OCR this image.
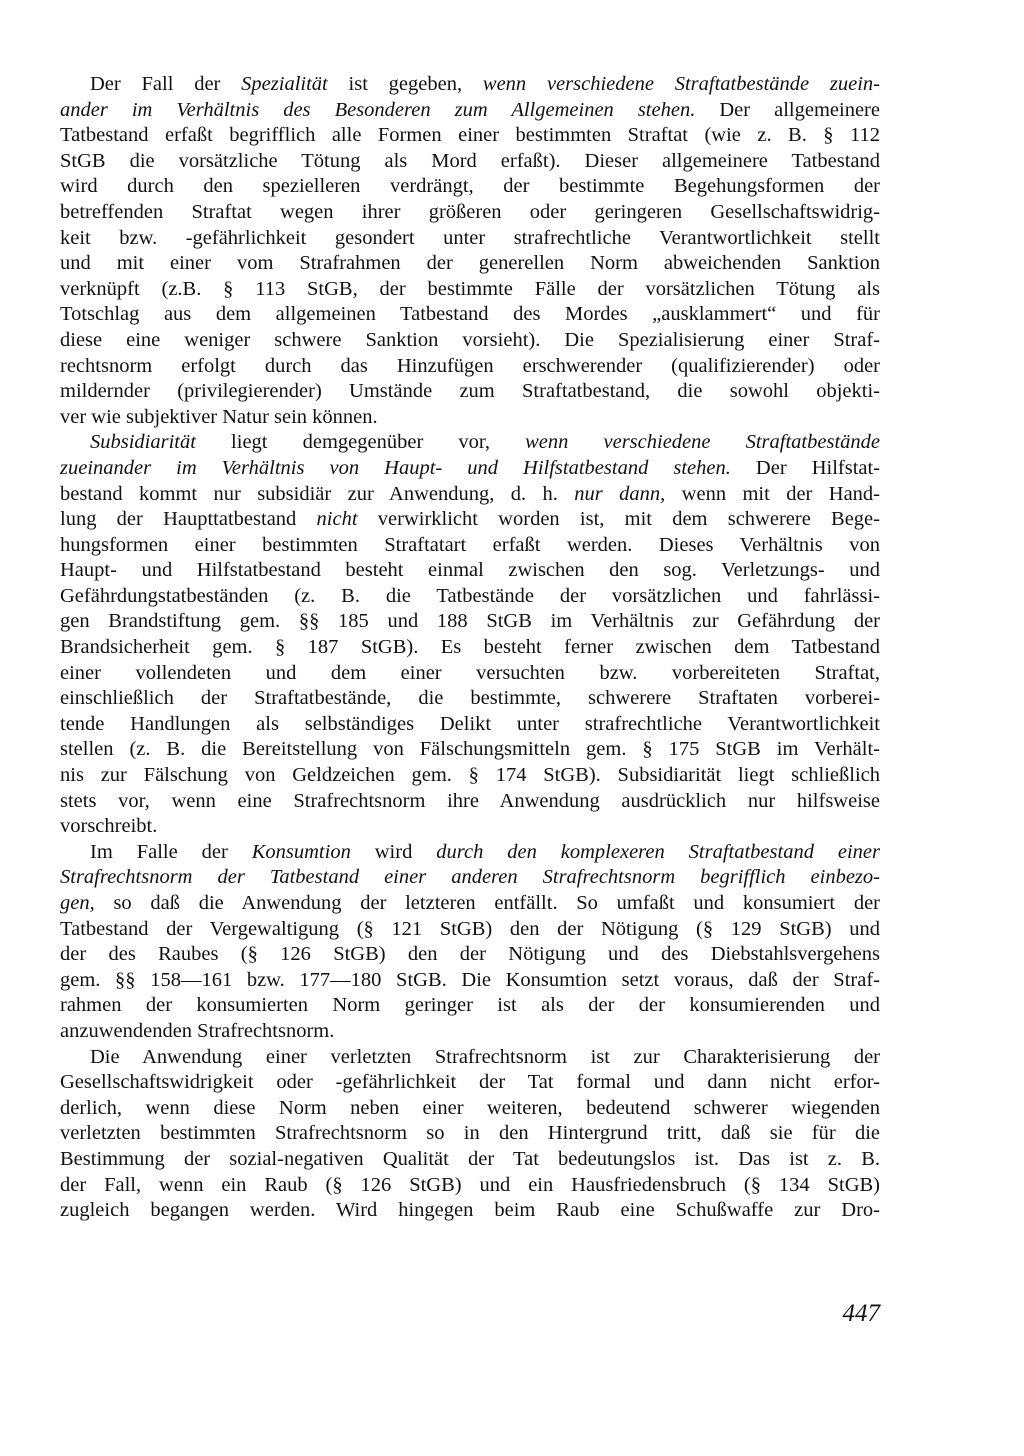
Der Fall der Spezialität ist gegeben, wenn verschiedene Straftatbestände zuein-
ander im Verhältnis des Besonderen zum Allgemeinen stehen. Der allgemeinere
Tatbestand erfaßt begrifflich alle Formen einer bestimmten Straftat (wie z. B. § 112
StGB die vorsätzliche Tötung als Mord erfaßt). Dieser allgemeinere Tatbestand
wird durch den spezielleren verdrängt, der bestimmte Begehungsformen der
betreffenden Straftat wegen ihrer größeren oder geringeren Gesellschaftswidrig-
keit bzw. -gefährlichkeit gesondert unter strafrechtliche Verantwortlichkeit stellt
und mit einer vom Strafrahmen der generellen Norm abweichenden Sanktion
verknüpft (z.B. § 113 StGB, der bestimmte Fälle der vorsätzlichen Tötung als
Totschlag aus dem allgemeinen Tatbestand des Mordes „ausklammert“ und für
diese eine weniger schwere Sanktion vorsieht). Die Spezialisierung einer Straf-
rechtsnorm erfolgt durch das Hinzufügen erschwerender (qualifizierender) oder
mildernder (privilegierender) Umstände zum Straftatbestand, die sowohl objekti-
ver wie subjektiver Natur sein können.

Subsidiarität liegt demgegenüber vor, wenn verschiedene Straftatbestände
zueinander im Verhältnis von Haupt- und Hilfstatbestand stehen. Der Hilfstat-
bestand kommt nur subsidiär zur Anwendung, d. h. nur dann, wenn mit der Hand-
lung der Haupttatbestand nicht verwirklicht worden ist, mit dem schwerere Bege-
hungsformen einer bestimmten Straftatart erfaßt werden. Dieses Verhältnis von
Haupt- und Hilfstatbestand besteht einmal zwischen den sog. Verletzungs- und
Gefährdungstatbeständen (z. B. die Tatbestände der vorsätzlichen und fahrlässi-
gen Brandstiftung gem. §§ 185 und 188 StGB im Verhältnis zur Gefährdung der
Brandsicherheit gem. § 187 StGB). Es besteht ferner zwischen dem Tatbestand
einer vollendeten und dem einer versuchten bzw. vorbereiteten Straftat,
einschließlich der Straftatbestände, die bestimmte, schwerere Straftaten vorberei-
tende Handlungen als selbständiges Delikt unter strafrechtliche Verantwortlichkeit
stellen (z. B. die Bereitstellung von Fälschungsmitteln gem. § 175 StGB im Verhält-
nis zur Fälschung von Geldzeichen gem. § 174 StGB). Subsidiarität liegt schließlich
stets vor, wenn eine Strafrechtsnorm ihre Anwendung ausdrücklich nur hilfsweise
vorschreibt.

Im Falle der Konsumtion wird durch den komplexeren Straftatbestand einer
Strafrechtsnorm der Tatbestand einer anderen Strafrechtsnorm begrifflich einbezo-
gen, so daß die Anwendung der letzteren entfällt. So umfaßt und konsumiert der
Tatbestand der Vergewaltigung (§ 121 StGB) den der Nötigung (§ 129 StGB) und
der des Raubes (§ 126 StGB) den der Nötigung und des Diebstahlsvergehens
gem. §§ 158—161 bzw. 177—180 StGB. Die Konsumtion setzt voraus, daß der Straf-
rahmen der konsumierten Norm geringer ist als der der konsumierenden und
anzuwendenden Strafrechtsnorm.

Die Anwendung einer verletzten Strafrechtsnorm ist zur Charakterisierung der
Gesellschaftswidrigkeit oder -gefährlichkeit der Tat formal und dann nicht erfor-
derlich, wenn diese Norm neben einer weiteren, bedeutend schwerer wiegenden
verletzten bestimmten Strafrechtsnorm so in den Hintergrund tritt, daß sie für die
Bestimmung der sozial-negativen Qualität der Tat bedeutungslos ist. Das ist z. B.
der Fall, wenn ein Raub (§ 126 StGB) und ein Hausfriedensbruch (§ 134 StGB)
zugleich begangen werden. Wird hingegen beim Raub eine Schußwaffe zur Dro-

447
